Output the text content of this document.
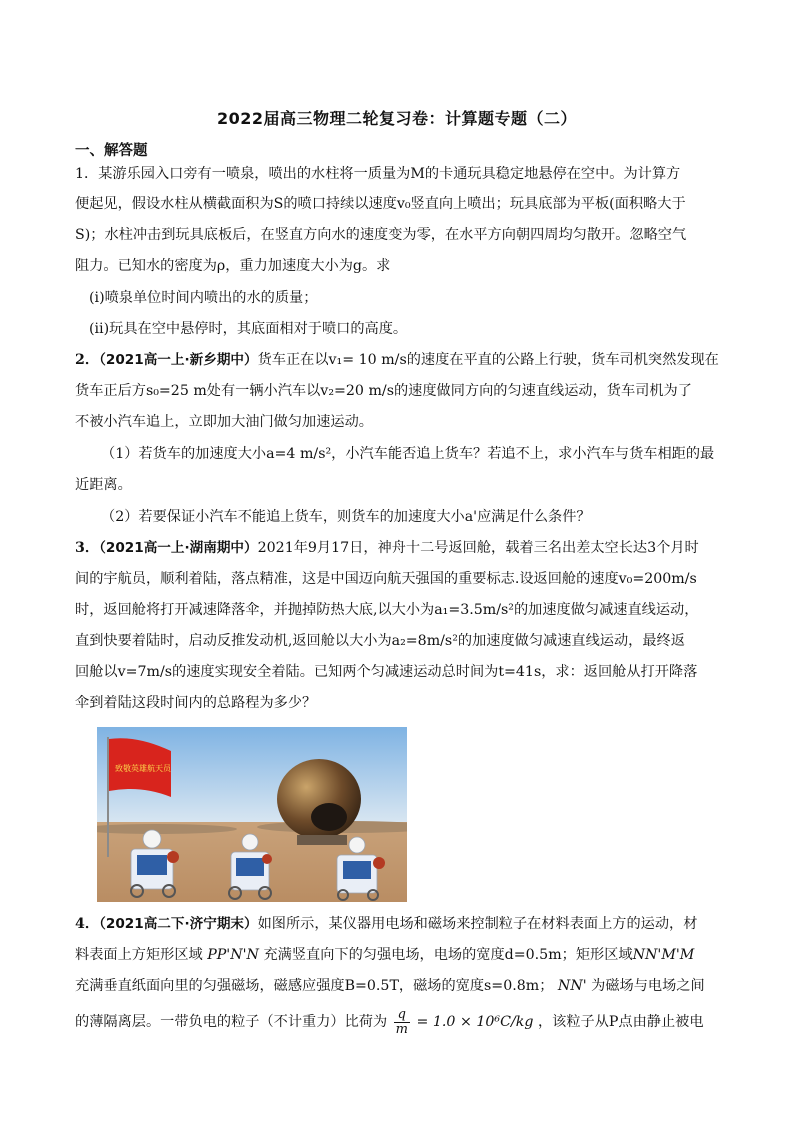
2022届高三物理二轮复习卷：计算题专题（二）
一、解答题
1．某游乐园入口旁有一喷泉，喷出的水柱将一质量为M的卡通玩具稳定地悬停在空中。为计算方
便起见，假设水柱从横截面积为S的喷口持续以速度v₀竖直向上喷出；玩具底部为平板(面积略大于
S)；水柱冲击到玩具底板后，在竖直方向水的速度变为零，在水平方向朝四周均匀散开。忽略空气
阻力。已知水的密度为ρ，重力加速度大小为g。求
(ⅰ)喷泉单位时间内喷出的水的质量；
(ⅱ)玩具在空中悬停时，其底面相对于喷口的高度。
2．（2021高一上·新乡期中）货车正在以v₁= 10 m/s的速度在平直的公路上行驶，货车司机突然发现在
货车正后方s₀=25 m处有一辆小汽车以v₂=20 m/s的速度做同方向的匀速直线运动，货车司机为了
不被小汽车追上，立即加大油门做匀加速运动。
（1）若货车的加速度大小a=4 m/s²，小汽车能否追上货车？若追不上，求小汽车与货车相距的最
近距离。
（2）若要保证小汽车不能追上货车，则货车的加速度大小a'应满足什么条件？
3．（2021高一上·湖南期中）2021年9月17日，神舟十二号返回舱，载着三名出差太空长达3个月时
间的宇航员，顺利着陆，落点精准，这是中国迈向航天强国的重要标志.设返回舱的速度v₀=200m/s
时，返回舱将打开减速降落伞，并抛掉防热大底,以大小为a₁=3.5m/s²的加速度做匀减速直线运动，
直到快要着陆时，启动反推发动机,返回舱以大小为a₂=8m/s²的加速度做匀减速直线运动，最终返
回舱以v=7m/s的速度实现安全着陆。已知两个匀减速运动总时间为t=41s，求：返回舱从打开降落
伞到着陆这段时间内的总路程为多少？
致敬英雄航天员
4．（2021高二下·济宁期末）如图所示，某仪器用电场和磁场来控制粒子在材料表面上方的运动，材
料表面上方矩形区域 PP'N'N 充满竖直向下的匀强电场，电场的宽度d=0.5m；矩形区域NN'M'M
充满垂直纸面向里的匀强磁场，磁感应强度B=0.5T，磁场的宽度s=0.8m； NN' 为磁场与电场之间
的薄隔离层。一带负电的粒子（不计重力）比荷为 $\frac{q}{m} = 1.0 \times 10^6C/kg$ ，该粒子从P点由静止被电
